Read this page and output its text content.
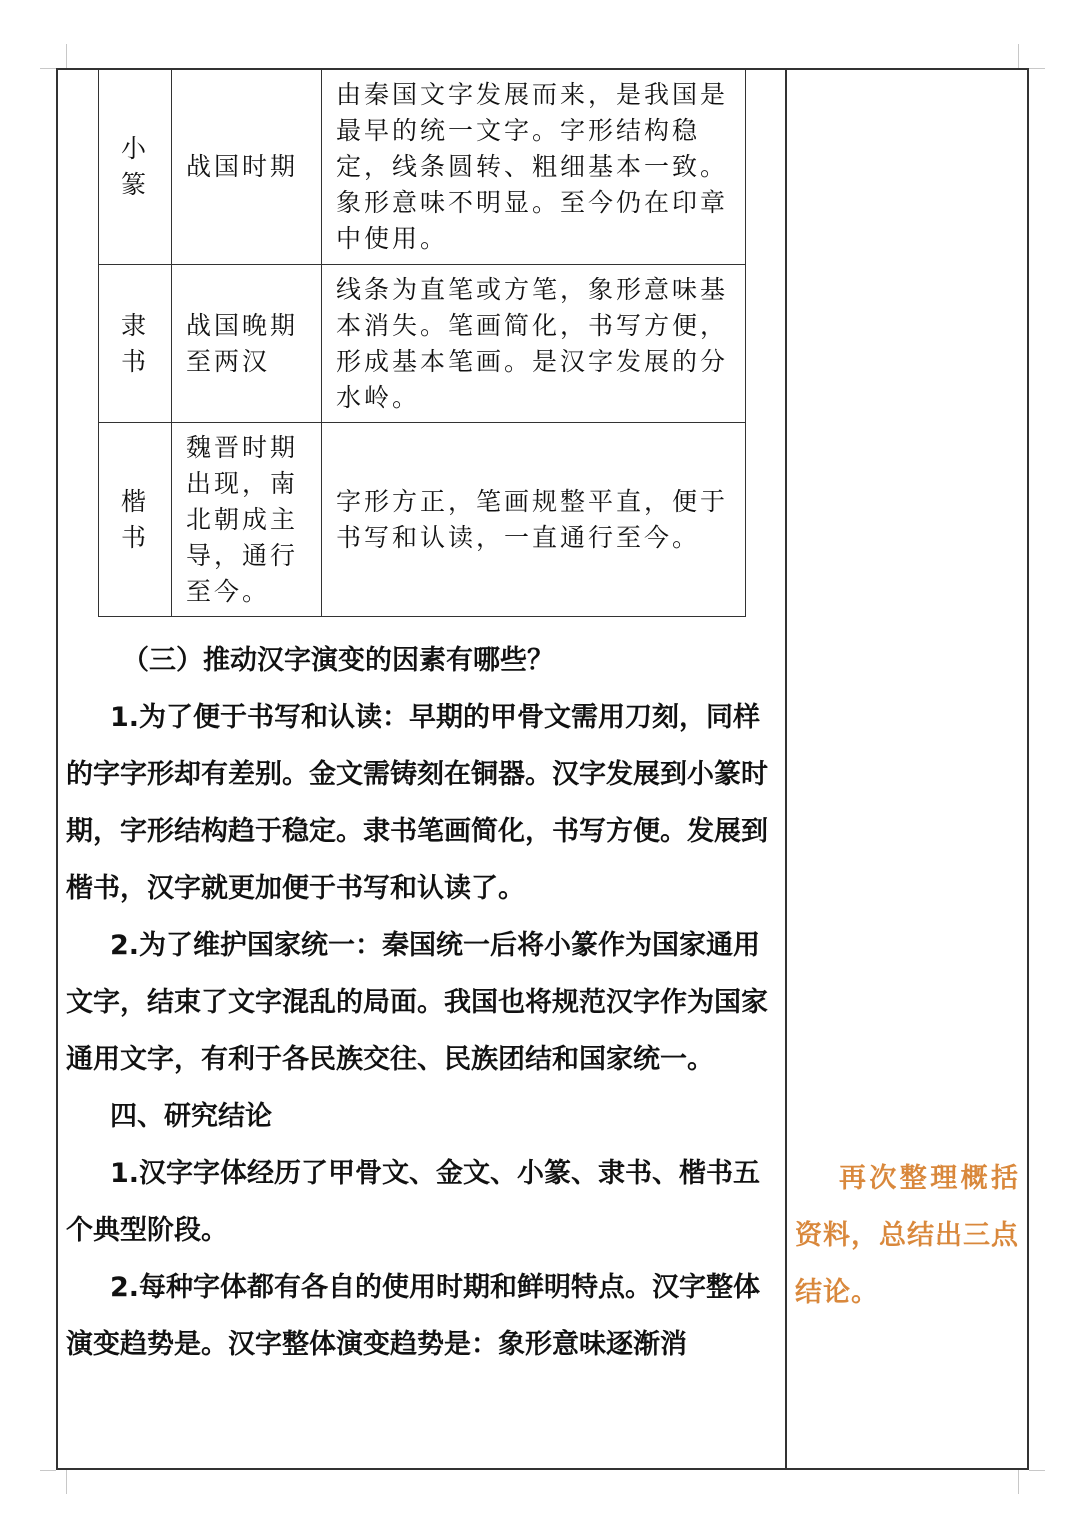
小篆	战国时期	由秦国文字发展而来，是我国是最早的统一文字。字形结构稳定，线条圆转、粗细基本一致。象形意味不明显。至今仍在印章中使用。
隶书	战国晚期至两汉	线条为直笔或方笔，象形意味基本消失。笔画简化，书写方便，形成基本笔画。是汉字发展的分水岭。
楷书	魏晋时期出现，南北朝成主导，通行至今。	字形方正，笔画规整平直，便于书写和认读，一直通行至今。

（三）推动汉字演变的因素有哪些？

1.为了便于书写和认读：早期的甲骨文需用刀刻，同样的字字形却有差别。金文需铸刻在铜器。汉字发展到小篆时期，字形结构趋于稳定。隶书笔画简化，书写方便。发展到楷书，汉字就更加便于书写和认读了。

2.为了维护国家统一：秦国统一后将小篆作为国家通用文字，结束了文字混乱的局面。我国也将规范汉字作为国家通用文字，有利于各民族交往、民族团结和国家统一。

四、研究结论

1.汉字字体经历了甲骨文、金文、小篆、隶书、楷书五个典型阶段。

2.每种字体都有各自的使用时期和鲜明特点。汉字整体演变趋势是。汉字整体演变趋势是：象形意味逐渐消

再次整理概括资料，总结出三点结论。
